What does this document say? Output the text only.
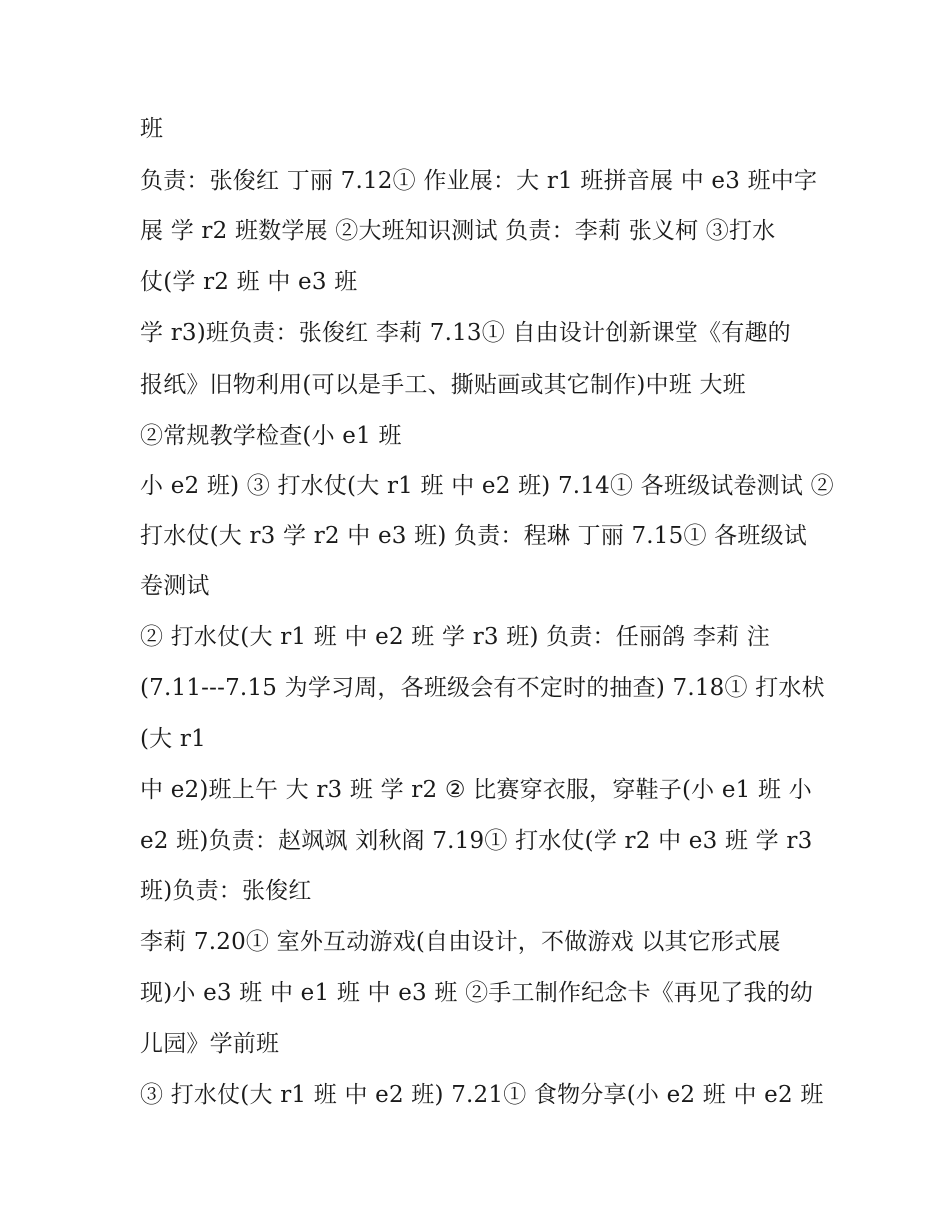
班
负责：张俊红 丁丽 7.12① 作业展：大 r1 班拼音展 中 e3 班中字
展 学 r2 班数学展 ②大班知识测试 负责：李莉 张义柯 ③打水
仗(学 r2 班 中 e3 班
学 r3)班负责：张俊红 李莉 7.13① 自由设计创新课堂《有趣的
报纸》旧物利用(可以是手工、撕贴画或其它制作)中班 大班
②常规教学检查(小 e1 班
小 e2 班) ③ 打水仗(大 r1 班 中 e2 班) 7.14① 各班级试卷测试 ②
打水仗(大 r3 学 r2 中 e3 班) 负责：程琳 丁丽 7.15① 各班级试
卷测试
② 打水仗(大 r1 班 中 e2 班 学 r3 班) 负责：任丽鸽 李莉 注
(7.11---7.15 为学习周，各班级会有不定时的抽查) 7.18① 打水枤
(大 r1
中 e2)班上午 大 r3 班 学 r2 ② 比赛穿衣服，穿鞋子(小 e1 班 小
e2 班)负责：赵飒飒 刘秋阁 7.19① 打水仗(学 r2 中 e3 班 学 r3
班)负责：张俊红
李莉 7.20① 室外互动游戏(自由设计，不做游戏 以其它形式展
现)小 e3 班 中 e1 班 中 e3 班 ②手工制作纪念卡《再见了我的幼
儿园》学前班
③ 打水仗(大 r1 班 中 e2 班) 7.21① 食物分享(小 e2 班 中 e2 班
